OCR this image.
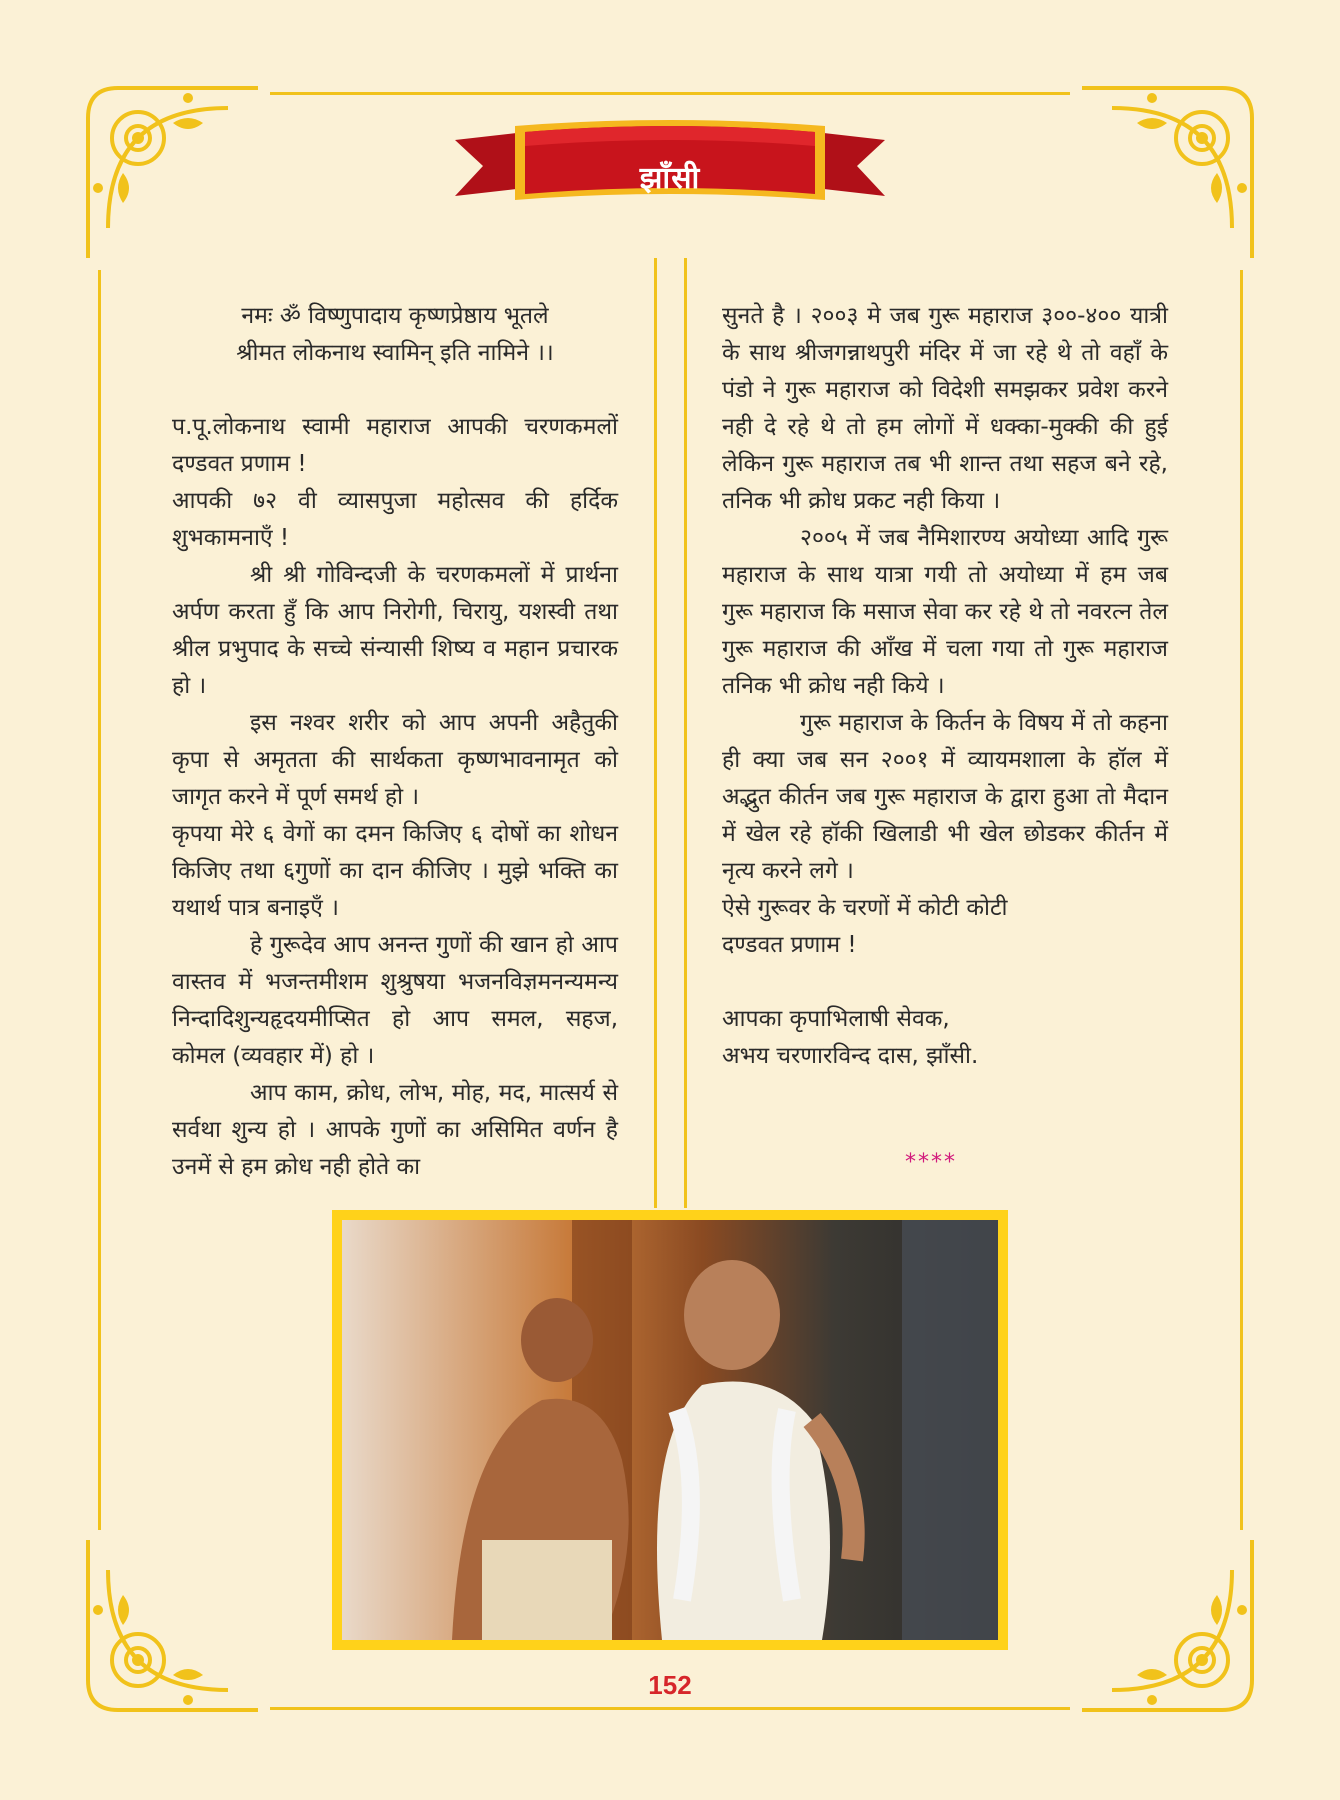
झाँसी

नमः ॐ विष्णुपादाय कृष्णप्रेष्ठाय भूतले

श्रीमत लोकनाथ स्वामिन् इति नामिने ।।

प.पू.लोकनाथ स्वामी महाराज आपकी चरणकमलों दण्डवत प्रणाम !

आपकी ७२ वी व्यासपुजा महोत्सव की हर्दिक शुभकामनाएँ !

श्री श्री गोविन्दजी के चरणकमलों में प्रार्थना अर्पण करता हुँ कि आप निरोगी, चिरायु, यशस्वी तथा श्रील प्रभुपाद के सच्चे संन्यासी शिष्य व महान प्रचारक हो ।

इस नश्वर शरीर को आप अपनी अहैतुकी कृपा से अमृतता की सार्थकता कृष्णभावनामृत को जागृत करने में पूर्ण समर्थ हो ।

कृपया मेरे ६ वेगों का दमन किजिए ६ दोषों का शोधन किजिए तथा ६गुणों का दान कीजिए । मुझे भक्ति का यथार्थ पात्र बनाइएँ ।

हे गुरूदेव आप अनन्त गुणों की खान हो आप वास्तव में भजन्तमीशम शुश्रुषया भजनविज्ञमनन्यमन्य निन्दादिशुन्यहृदयमीप्सित हो आप समल, सहज, कोमल (व्यवहार में) हो ।

आप काम, क्रोध, लोभ, मोह, मद, मात्सर्य से सर्वथा शुन्य हो । आपके गुणों का असिमित वर्णन है उनमें से हम क्रोध नही होते का

सुनते है । २००३ मे जब गुरू महाराज ३००-४०० यात्री के साथ श्रीजगन्नाथपुरी मंदिर में जा रहे थे तो वहाँ के पंडो ने गुरू महाराज को विदेशी समझकर प्रवेश करने नही दे रहे थे तो हम लोगों में धक्का-मुक्की की हुई लेकिन गुरू महाराज तब भी शान्त तथा सहज बने रहे, तनिक भी क्रोध प्रकट नही किया ।

२००५ में जब नैमिशारण्य अयोध्या आदि गुरू महाराज के साथ यात्रा गयी तो अयोध्या में हम जब गुरू महाराज कि मसाज सेवा कर रहे थे तो नवरत्न तेल गुरू महाराज की आँख में चला गया तो गुरू महाराज तनिक भी क्रोध नही किये ।

गुरू महाराज के किर्तन के विषय में तो कहना ही क्या जब सन २००१ में व्यायमशाला के हॉल में अद्भुत कीर्तन जब गुरू महाराज के द्वारा हुआ तो मैदान में खेल रहे हॉकी खिलाडी भी खेल छोडकर कीर्तन में नृत्य करने लगे ।

ऐसे गुरूवर के चरणों में कोटी कोटी

दण्डवत प्रणाम !

आपका कृपाभिलाषी सेवक,

अभय चरणारविन्द दास, झाँसी.

****
152
